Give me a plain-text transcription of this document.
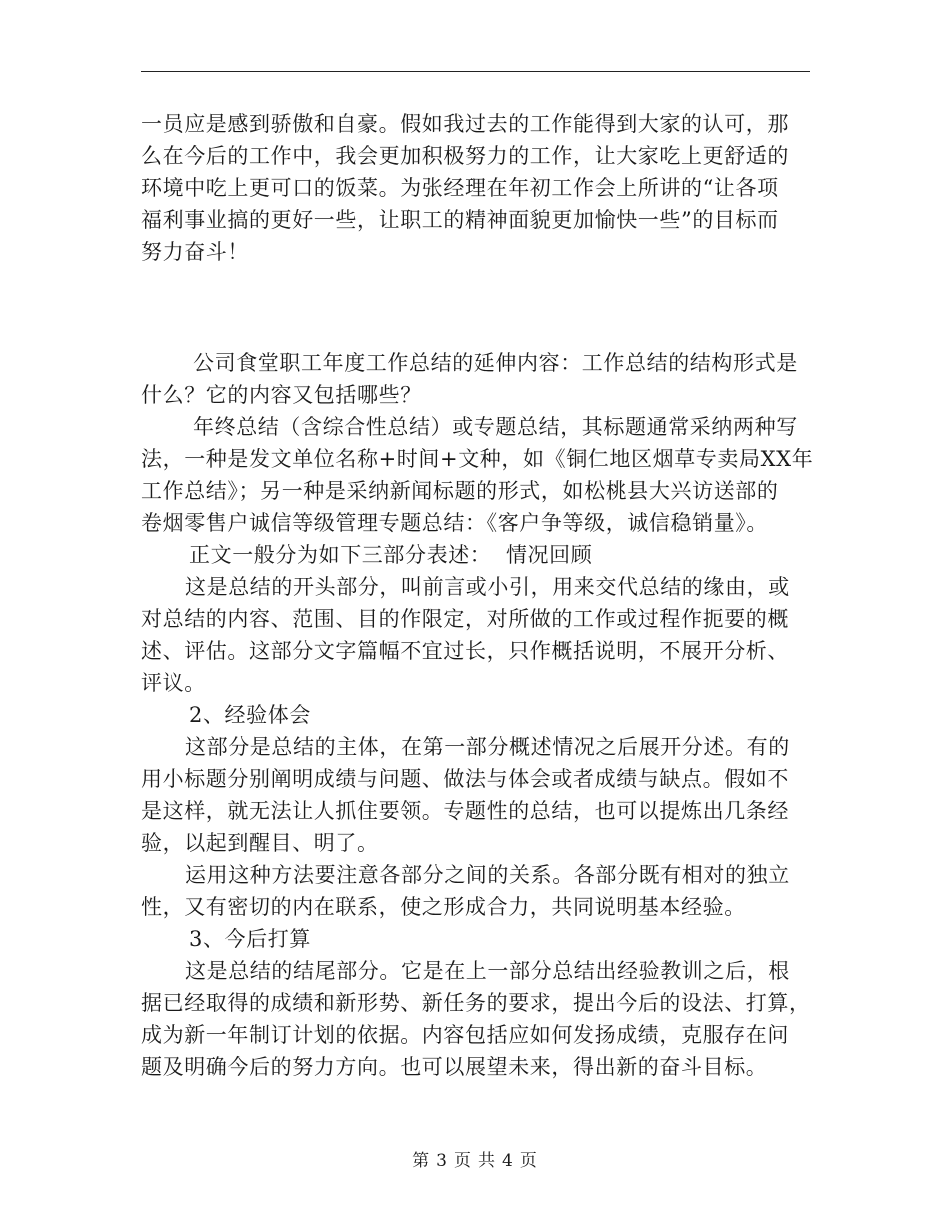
一员应是感到骄傲和自豪。假如我过去的工作能得到大家的认可，那
么在今后的工作中，我会更加积极努力的工作，让大家吃上更舒适的
环境中吃上更可口的饭菜。为张经理在年初工作会上所讲的“让各项
福利事业搞的更好一些，让职工的精神面貌更加愉快一些”的目标而
努力奋斗！
公司食堂职工年度工作总结的延伸内容：工作总结的结构形式是
什么？它的内容又包括哪些？
年终总结（含综合性总结）或专题总结，其标题通常采纳两种写
法，一种是发文单位名称+时间+文种，如《铜仁地区烟草专卖局XX年
工作总结》；另一种是采纳新闻标题的形式，如松桃县大兴访送部的
卷烟零售户诚信等级管理专题总结：《客户争等级，诚信稳销量》。
正文一般分为如下三部分表述：  情况回顾
这是总结的开头部分，叫前言或小引，用来交代总结的缘由，或
对总结的内容、范围、目的作限定，对所做的工作或过程作扼要的概
述、评估。这部分文字篇幅不宜过长，只作概括说明，不展开分析、
评议。
2、经验体会
这部分是总结的主体，在第一部分概述情况之后展开分述。有的
用小标题分别阐明成绩与问题、做法与体会或者成绩与缺点。假如不
是这样，就无法让人抓住要领。专题性的总结，也可以提炼出几条经
验，以起到醒目、明了。
运用这种方法要注意各部分之间的关系。各部分既有相对的独立
性，又有密切的内在联系，使之形成合力，共同说明基本经验。
3、今后打算
这是总结的结尾部分。它是在上一部分总结出经验教训之后，根
据已经取得的成绩和新形势、新任务的要求，提出今后的设法、打算，
成为新一年制订计划的依据。内容包括应如何发扬成绩，克服存在问
题及明确今后的努力方向。也可以展望未来，得出新的奋斗目标。
第 3 页 共 4 页
